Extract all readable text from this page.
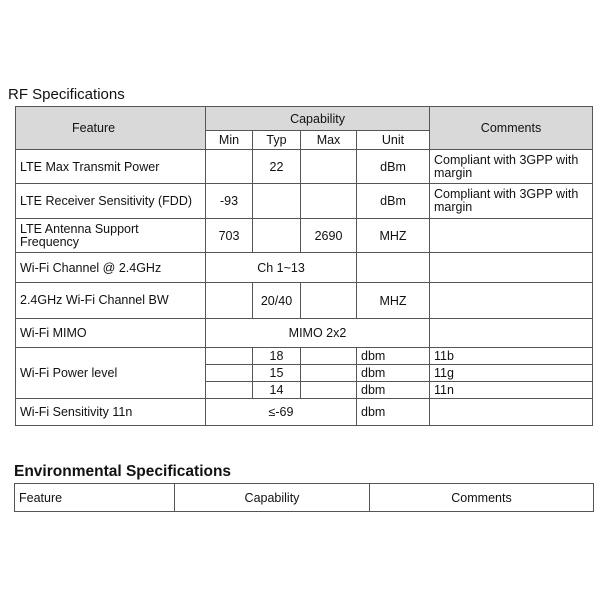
RF Specifications
Feature	Capability				Comments
	Min	Typ	Max	Unit	
LTE Max Transmit Power		22		dBm	Compliant with 3GPP with margin
LTE Receiver Sensitivity (FDD)	-93			dBm	Compliant with 3GPP with margin
LTE Antenna Support Frequency	703		2690	MHZ	
Wi-Fi Channel @ 2.4GHz	Ch 1~13				
2.4GHz Wi-Fi Channel BW		20/40		MHZ	
Wi-Fi MIMO	MIMO 2x2				
Wi-Fi Power level		18		dbm	11b
		15		dbm	11g
		14		dbm	11n
Wi-Fi Sensitivity 11n	≤-69			dbm	
Environmental Specifications
Feature	Capability	Comments
